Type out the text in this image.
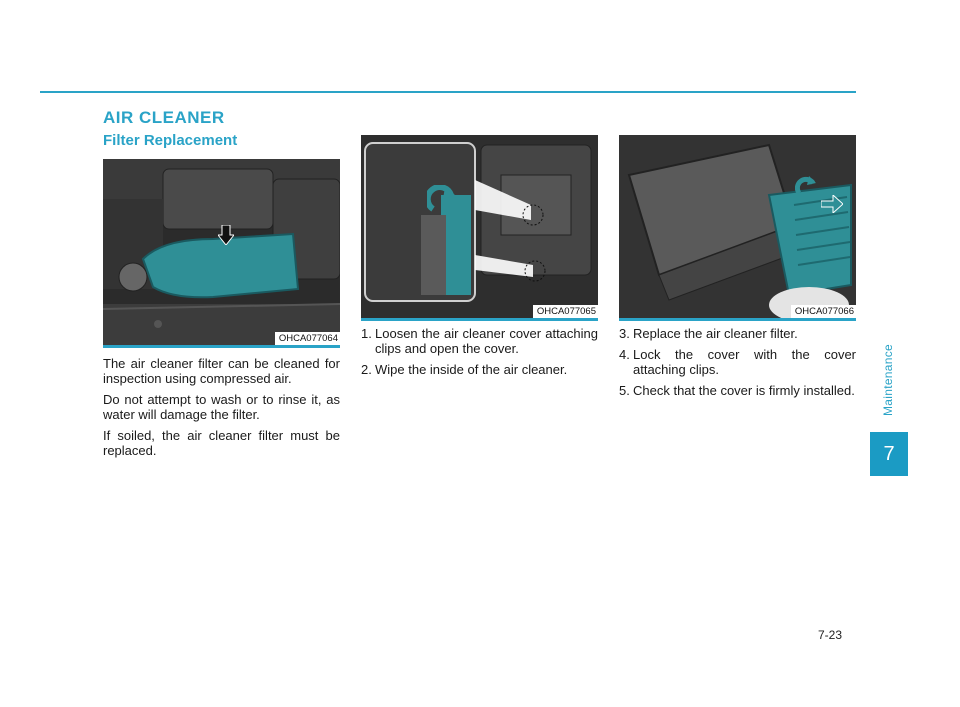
AIR CLEANER
Filter Replacement
OHCA077064
OHCA077065	OHCA077066

The air cleaner filter can be cleaned for inspection using compressed air.

Do not attempt to wash or to rinse it, as water will damage the filter.

If soiled, the air cleaner filter must be replaced.

1. Loosen the air cleaner cover attaching clips and open the cover.
2. Wipe the inside of the air cleaner.
3. Replace the air cleaner filter.
4. Lock the cover with the cover attaching clips.
5. Check that the cover is firmly installed. Maintenance
7
7-23
